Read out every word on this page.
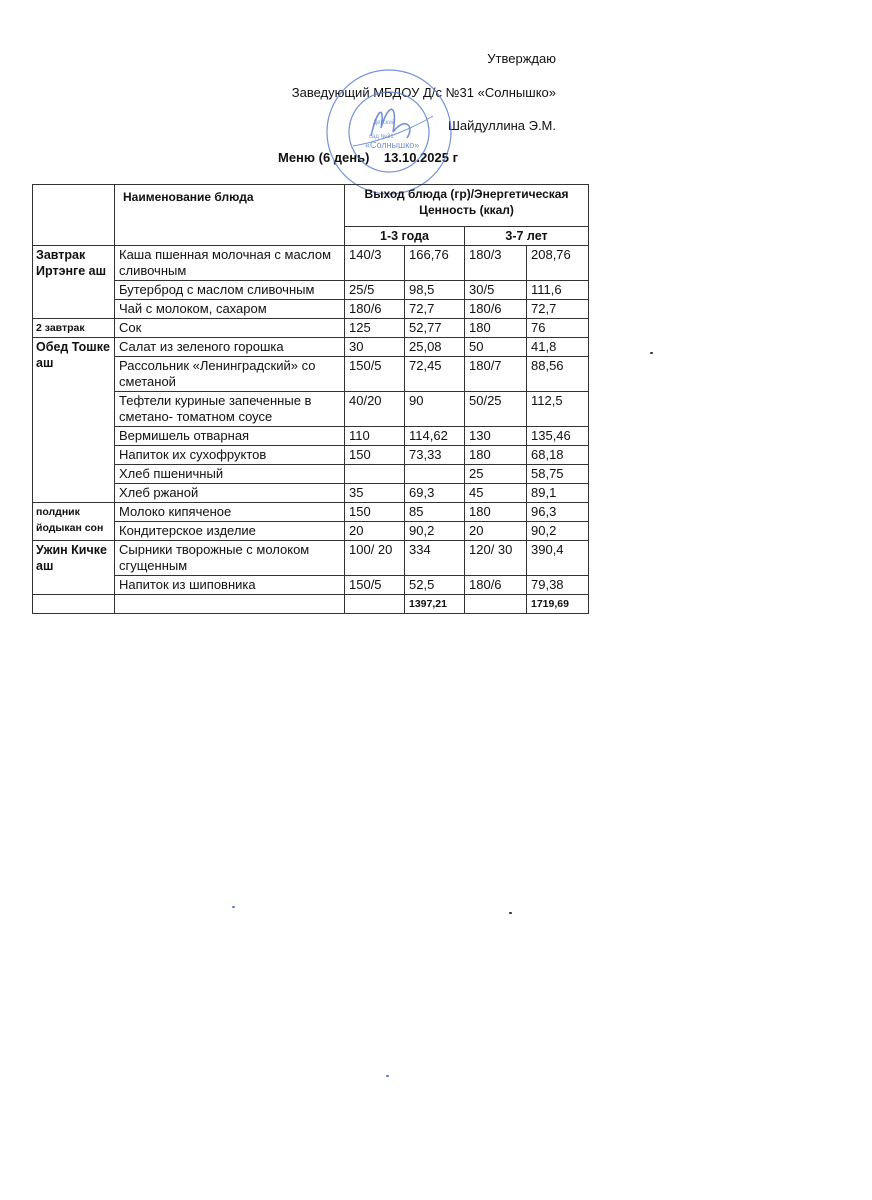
Утверждаю
Заведующий МБДОУ Д/с №31 «Солнышко»
Шайдуллина Э.М.
Меню (6 день)    13.10.2025 г
Детский
сад №31
«Солнышко»
	Наименование блюда	Выход блюда (гр)/Энергетическая Ценность (ккал)			
		1-3 года		3-7 лет	
Завтрак Иртэнге аш	Каша пшенная молочная с маслом сливочным	140/3	166,76	180/3	208,76
	Бутерброд с маслом сливочным	25/5	98,5	30/5	111,6
	Чай с молоком, сахаром	180/6	72,7	180/6	72,7
2 завтрак	Сок	125	52,77	180	76
Обед Тошке аш	Салат из зеленого горошка	30	25,08	50	41,8
	Рассольник «Ленинградский» со сметаной	150/5	72,45	180/7	88,56
	Тефтели куриные запеченные в сметано- томатном соусе	40/20	90	50/25	112,5
	Вермишель отварная	110	114,62	130	135,46
	Напиток их сухофруктов	150	73,33	180	68,18
	Хлеб пшеничный			25	58,75
	Хлеб ржаной	35	69,3	45	89,1
полдник йодыкан сон	Молоко кипяченое	150	85	180	96,3
	Кондитерское изделие	20	90,2	20	90,2
Ужин Кичке аш	Сырники творожные с молоком сгущенным	100/ 20	334	120/ 30	390,4
	Напиток из шиповника	150/5	52,5	180/6	79,38
			1397,21		1719,69
